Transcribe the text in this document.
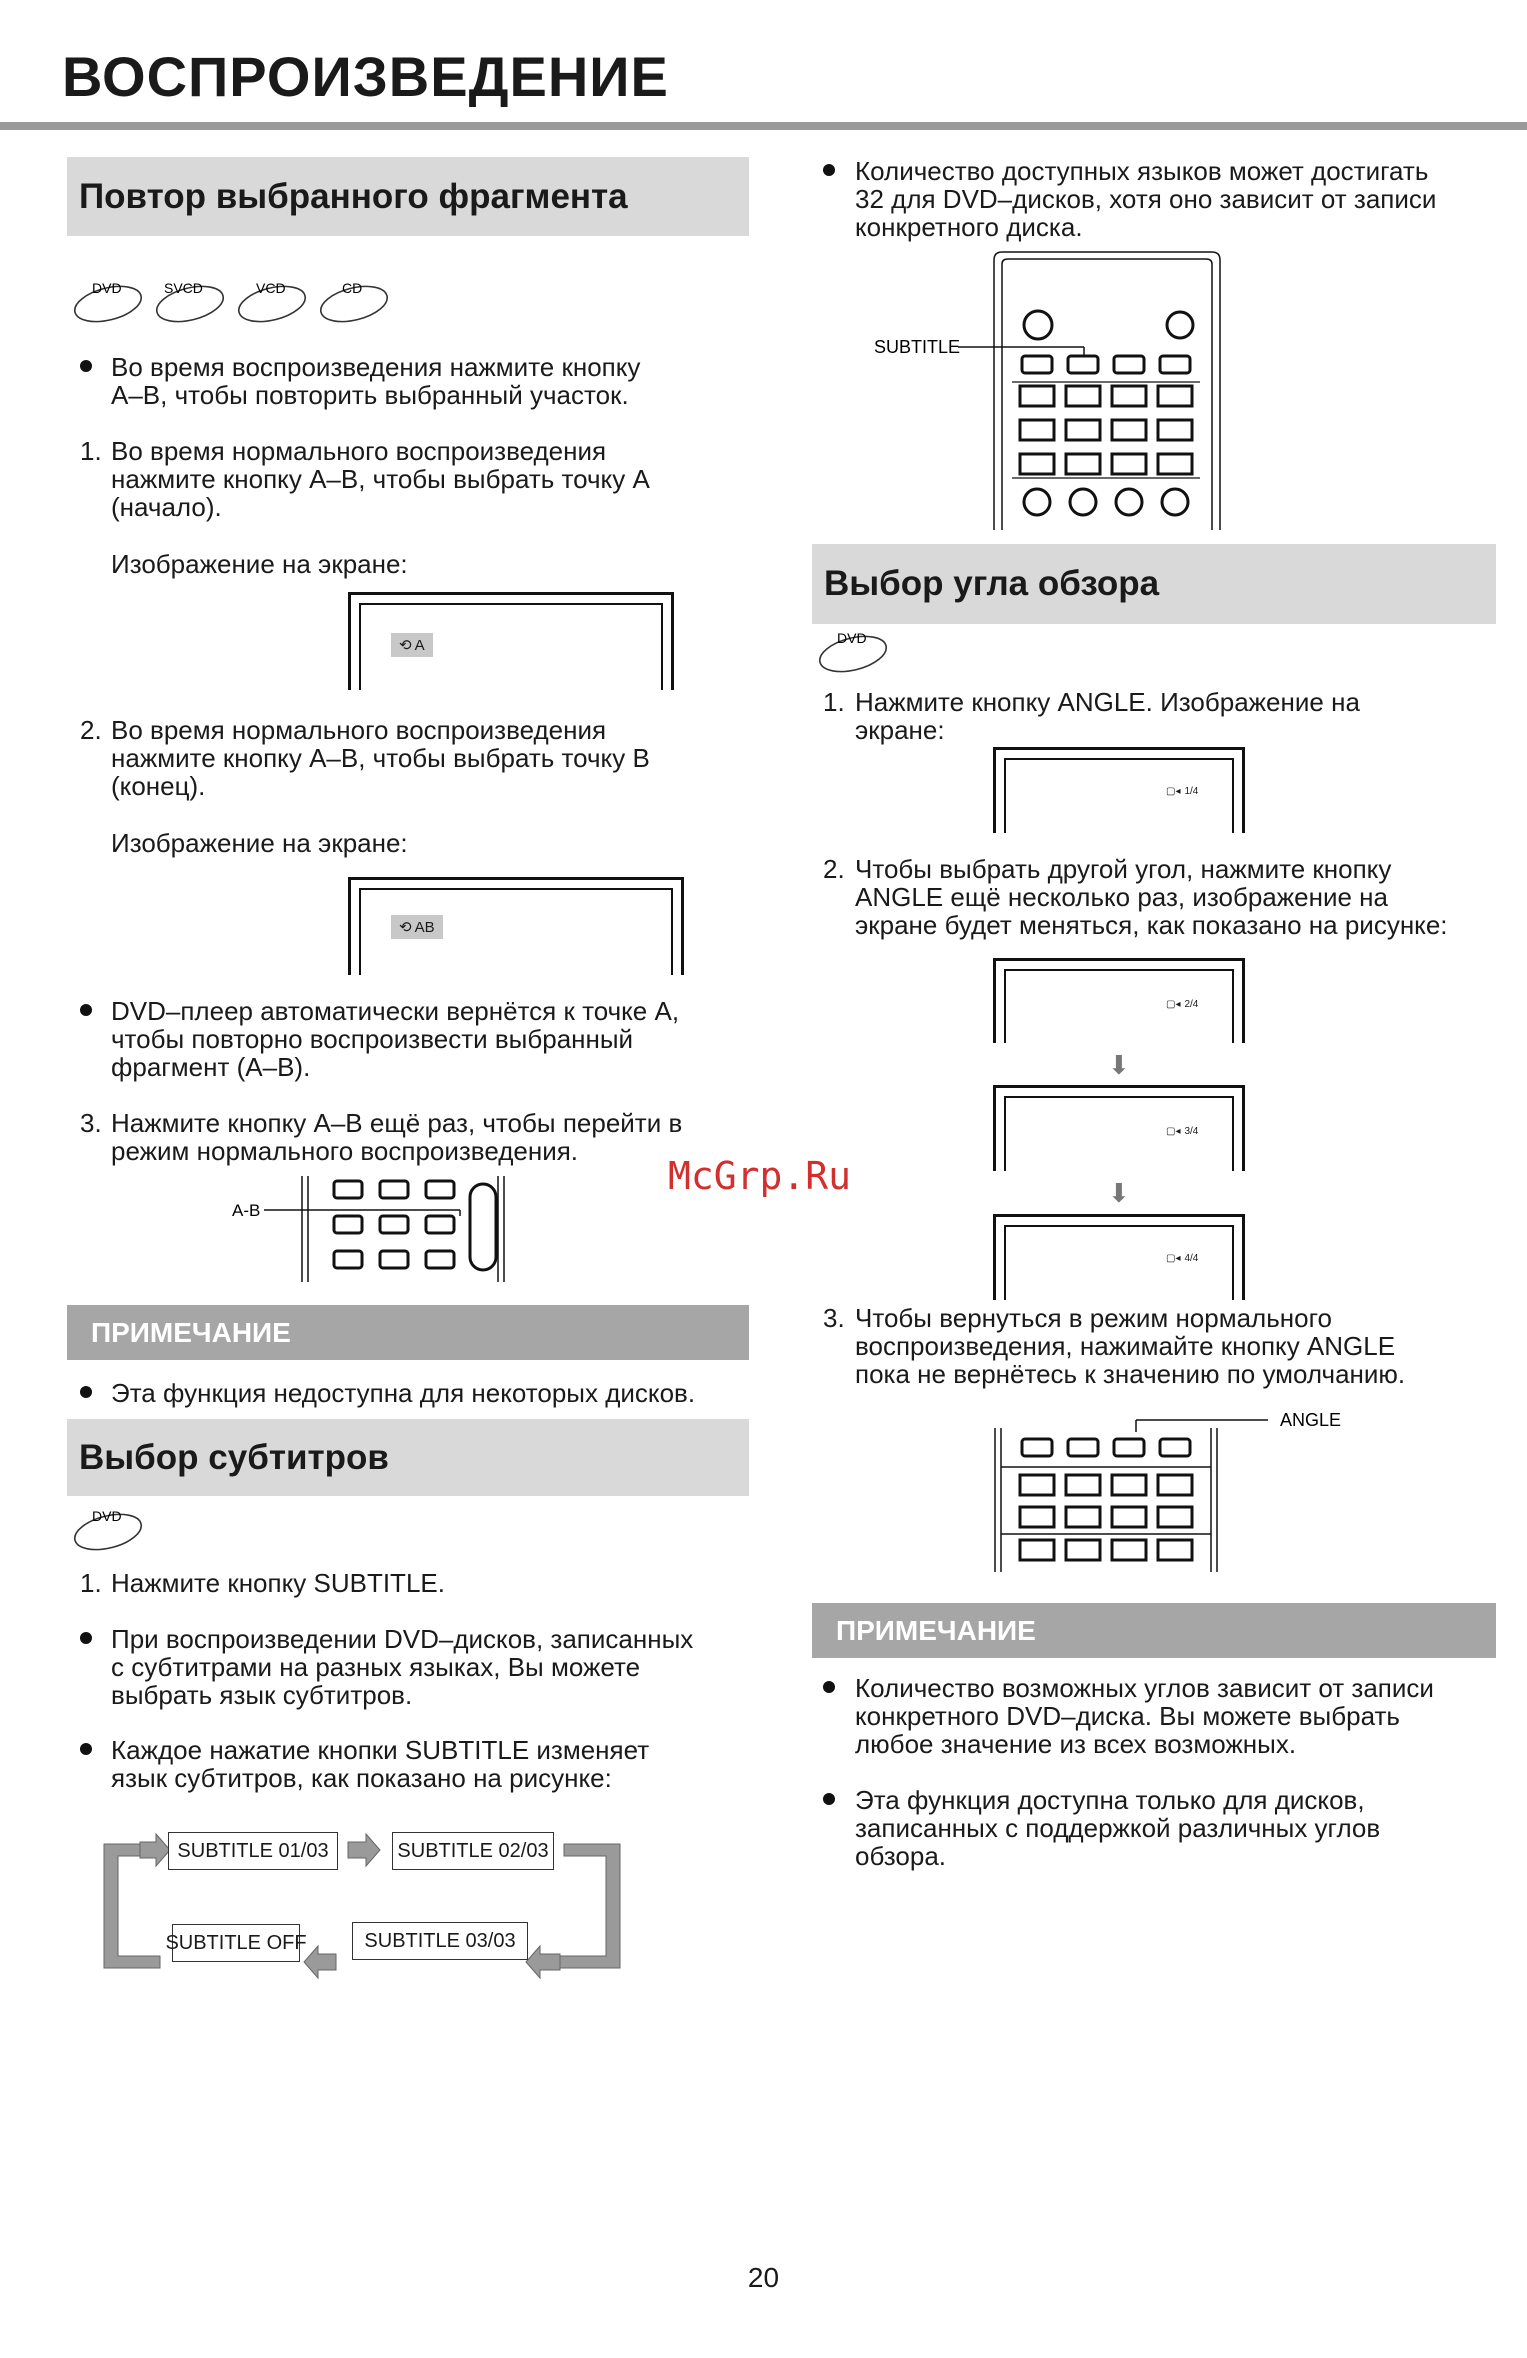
ВОСПРОИЗВЕДЕНИЕ
Повтор выбранного фрагмента
DVD	SVCD	VCD	CD
Во время воспроизведения нажмите кнопку
A–B, чтобы повторить выбранный участок.
1. Во время нормального воспроизведения
нажмите кнопку A–B, чтобы выбрать точку A
(начало).
Изображение на экране:
⟲ A
2. Во время нормального воспроизведения
нажмите кнопку A–B, чтобы выбрать точку B
(конец).
Изображение на экране:
⟲ AB
DVD–плеер автоматически вернётся к точке A,
чтобы повторно воспроизвести выбранный
фрагмент (A–B).
3. Нажмите кнопку A–B ещё раз, чтобы перейти в
режим нормального воспроизведения.
A-B
ПРИМЕЧАНИЕ
Эта функция недоступна для некоторых дисков.
Выбор субтитров
DVD
1. Нажмите кнопку SUBTITLE.
При воспроизведении DVD–дисков, записанных
с субтитрами на разных языках, Вы можете
выбрать язык субтитров.
Каждое нажатие кнопки SUBTITLE изменяет
язык субтитров, как показано на рисунке:
SUBTITLE 01/03	SUBTITLE 02/03
SUBTITLE 03/03
SUBTITLE OFF
Количество доступных языков может достигать
32 для DVD–дисков, хотя оно зависит от записи
конкретного диска.
SUBTITLE
Выбор угла обзора
DVD
1. Нажмите кнопку ANGLE. Изображение на
экране:
▢◂ 1/4
2. Чтобы выбрать другой угол, нажмите кнопку
ANGLE ещё несколько раз, изображение на
экране будет меняться, как показано на рисунке:
▢◂ 2/4
⬇
▢◂ 3/4
⬇
▢◂ 4/4
3. Чтобы вернуться в режим нормального
воспроизведения, нажимайте кнопку ANGLE
пока не вернётесь к значению по умолчанию.
ANGLE
ПРИМЕЧАНИЕ
Количество возможных углов зависит от записи
конкретного DVD–диска. Вы можете выбрать
любое значение из всех возможных.
Эта функция доступна только для дисков,
записанных с поддержкой различных углов
обзора.
McGrp.Ru
20
